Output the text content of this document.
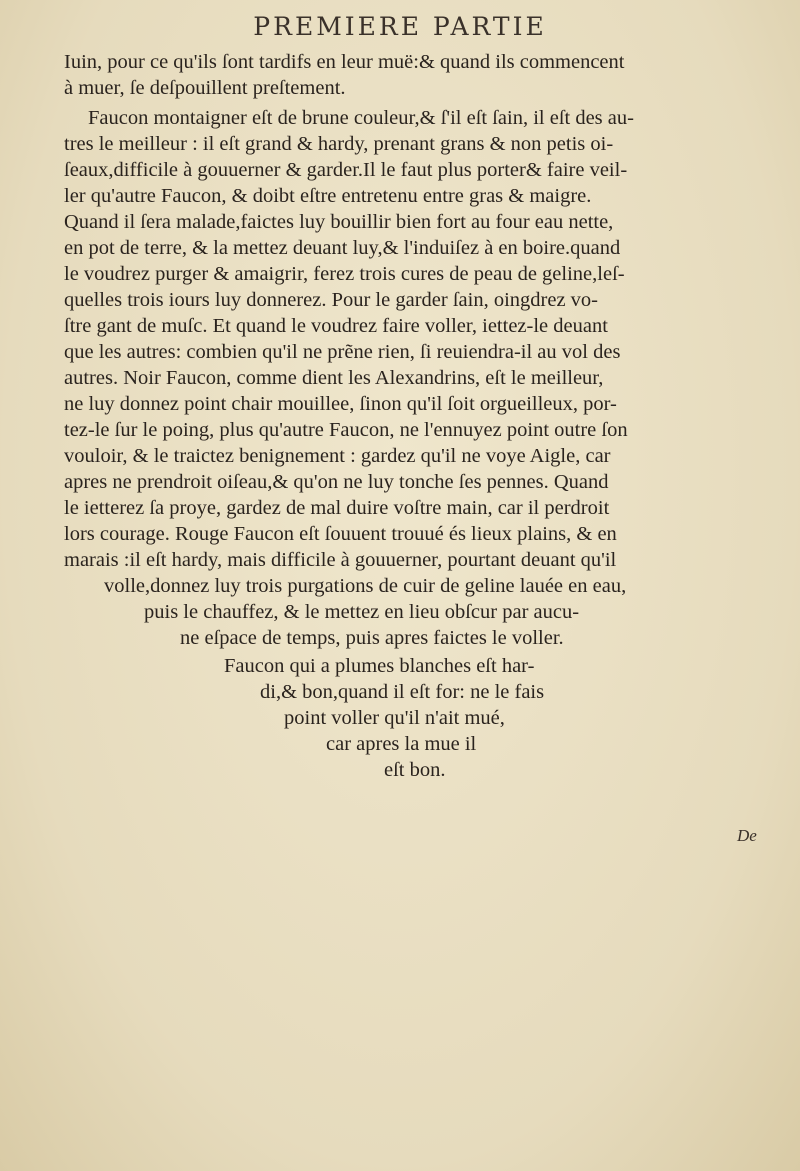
PREMIERE PARTIE
Iuin, pour ce qu'ils ſont tardifs en leur muë:& quand ils commencent
à muer, ſe deſpouillent preſtement.
Faucon montaigner eſt de brune couleur,& ſ'il eſt ſain, il eſt des au-
tres le meilleur : il eſt grand & hardy, prenant grans & non petis oi-
ſeaux,difficile à gouuerner & garder.Il le faut plus porter& faire veil-
ler qu'autre Faucon, & doibt eſtre entretenu entre gras & maigre.
Quand il ſera malade,faictes luy bouillir bien fort au four eau nette,
en pot de terre, & la mettez deuant luy,& l'induiſez à en boire.quand
le voudrez purger & amaigrir, ferez trois cures de peau de geline,leſ-
quelles trois iours luy donnerez. Pour le garder ſain, oingdrez vo-
ſtre gant de muſc. Et quand le voudrez faire voller, iettez-le deuant
que les autres: combien qu'il ne prẽne rien, ſi reuiendra-il au vol des
autres. Noir Faucon, comme dient les Alexandrins, eſt le meilleur,
ne luy donnez point chair mouillee, ſinon qu'il ſoit orgueilleux, por-
tez-le ſur le poing, plus qu'autre Faucon, ne l'ennuyez point outre ſon
vouloir, & le traictez benignement : gardez qu'il ne voye Aigle, car
apres ne prendroit oiſeau,& qu'on ne luy tonche ſes pennes. Quand
le ietterez ſa proye, gardez de mal duire voſtre main, car il perdroit
lors courage. Rouge Faucon eſt ſouuent trouué és lieux plains, & en
marais :il eſt hardy, mais difficile à gouuerner, pourtant deuant qu'il
volle,donnez luy trois purgations de cuir de geline lauée en eau,
puis le chauffez, & le mettez en lieu obſcur par aucu-
ne eſpace de temps, puis apres faictes le voller.
Faucon qui a plumes blanches eſt har-
di,& bon,quand il eſt for: ne le fais
point voller qu'il n'ait mué,
car apres la mue il
eſt bon.
De
